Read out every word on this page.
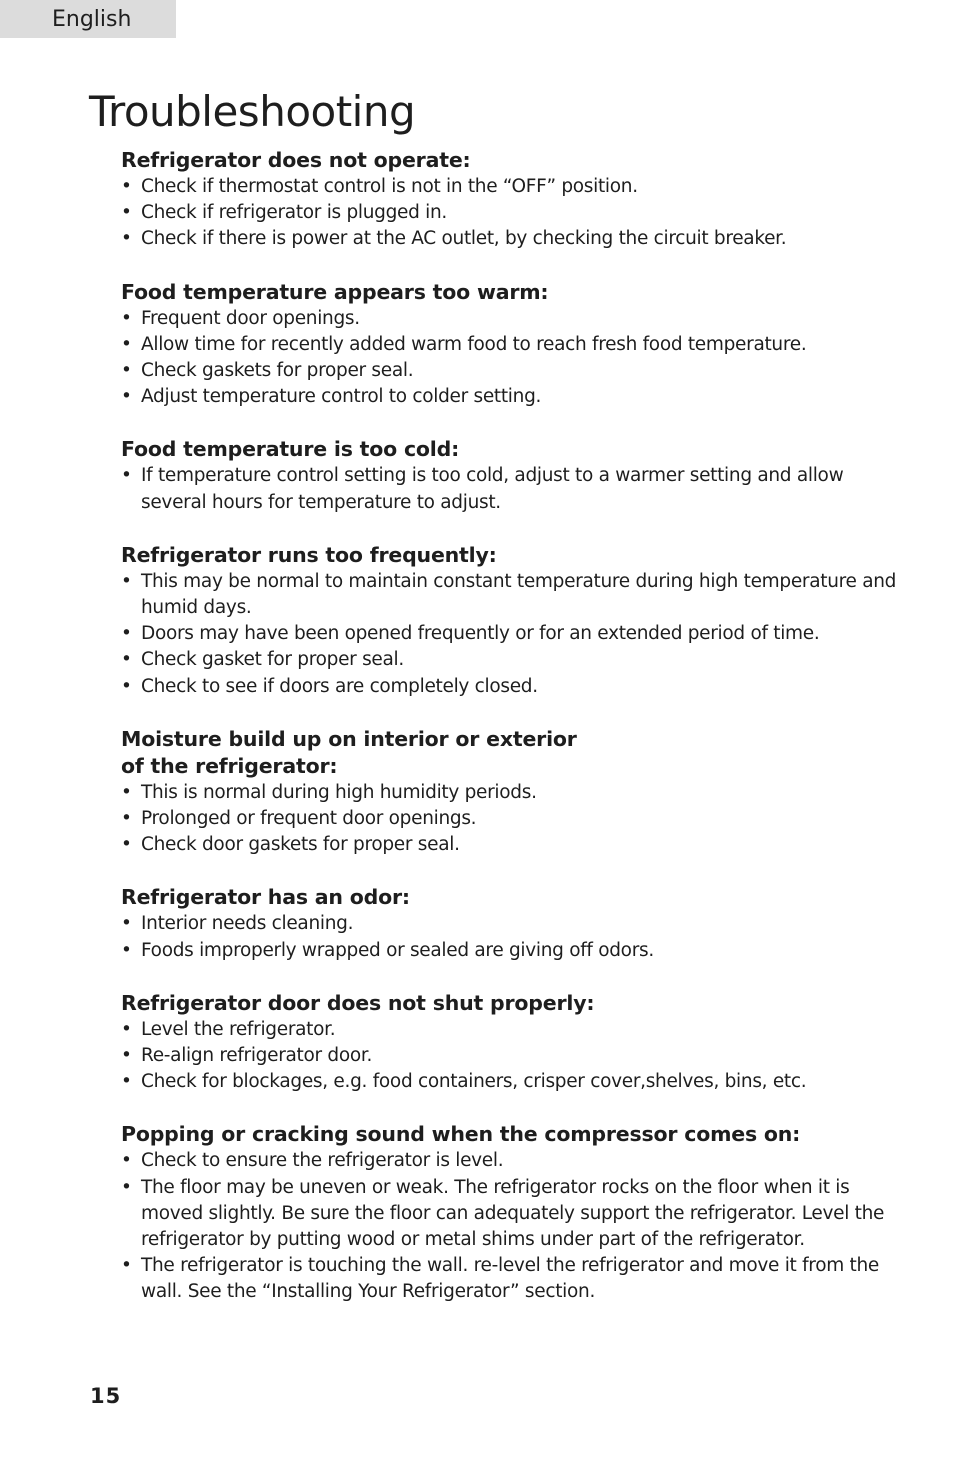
English
Troubleshooting
Refrigerator does not operate:
• Check if thermostat control is not in the “OFF” position.
• Check if refrigerator is plugged in.
• Check if there is power at the AC outlet, by checking the circuit breaker.
Food temperature appears too warm:
• Frequent door openings.
• Allow time for recently added warm food to reach fresh food temperature.
• Check gaskets for proper seal.
• Adjust temperature control to colder setting.
Food temperature is too cold:
• If temperature control setting is too cold, adjust to a warmer setting and allow several hours for temperature to adjust.
Refrigerator runs too frequently:
• This may be normal to maintain constant temperature during high temperature and humid days.
• Doors may have been opened frequently or for an extended period of time.
• Check gasket for proper seal.
• Check to see if doors are completely closed.
Moisture build up on interior or exterior
of the refrigerator:
• This is normal during high humidity periods.
• Prolonged or frequent door openings.
• Check door gaskets for proper seal.
Refrigerator has an odor:
• Interior needs cleaning.
• Foods improperly wrapped or sealed are giving off odors.
Refrigerator door does not shut properly:
• Level the refrigerator.
• Re-align refrigerator door.
• Check for blockages, e.g. food containers, crisper cover,shelves, bins, etc.
Popping or cracking sound when the compressor comes on:
• Check to ensure the refrigerator is level.
• The floor may be uneven or weak. The refrigerator rocks on the floor when it is moved slightly. Be sure the floor can adequately support the refrigerator. Level the refrigerator by putting wood or metal shims under part of the refrigerator.
• The refrigerator is touching the wall. re-level the refrigerator and move it from the wall. See the “Installing Your Refrigerator” section.
15
